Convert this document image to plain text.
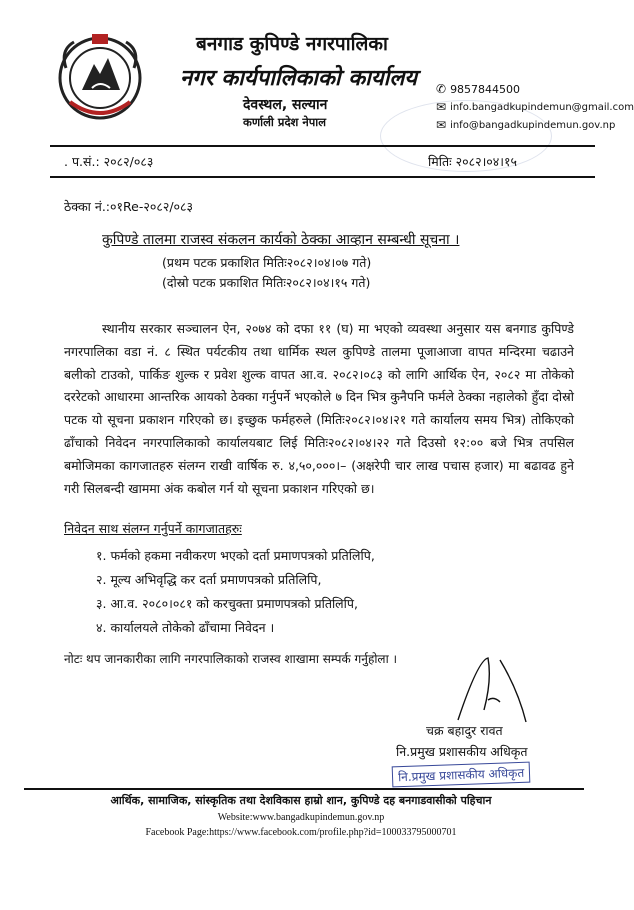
बनगाड कुपिण्डे नगरपालिका
नगर कार्यपालिकाको कार्यालय
देवस्थल, सल्यान
कर्णाली प्रदेश नेपाल
✆ 9857844500
✉ info.bangadkupindemun@gmail.com
✉ info@bangadkupindemun.gov.np
. प.सं.: २०८२/०८३	मितिः २०८२।०४।१५
ठेक्का नं.:०१Re-२०८२/०८३
कुपिण्डे तालमा राजस्व संकलन कार्यको ठेक्का आव्हान सम्बन्धी सूचना ।
(प्रथम पटक प्रकाशित मितिः२०८२।०४।०७ गते)
(दोस्रो पटक प्रकाशित मितिः२०८२।०४।१५ गते)
स्थानीय सरकार सञ्चालन ऐन, २०७४ को दफा ११ (घ) मा भएको व्यवस्था अनुसार यस बनगाड कुपिण्डे नगरपालिका वडा नं. ८ स्थित पर्यटकीय तथा धार्मिक स्थल कुपिण्डे तालमा पूजाआजा वापत मन्दिरमा चढाउने बलीको टाउको, पार्किङ शुल्क र प्रवेश शुल्क वापत आ.व. २०८२।०८३ को लागि आर्थिक ऐन, २०८२ मा तोकेको दररेटको आधारमा आन्तरिक आयको ठेक्का गर्नुपर्ने भएकोले ७ दिन भित्र कुनैपनि फर्मले ठेक्का नहालेको हुँदा दोस्रो पटक यो सूचना प्रकाशन गरिएको छ। इच्छुक फर्महरुले (मितिः२०८२।०४।२१ गते कार्यालय समय भित्र) तोकिएको ढाँचाको निवेदन नगरपालिकाको कार्यालयबाट लिई मितिः२०८२।०४।२२ गते दिउसो १२:०० बजे भित्र तपसिल बमोजिमका कागजातहरु संलग्न राखी वार्षिक रु. ४,५०,०००।– (अक्षरेपी चार लाख पचास हजार) मा बढावढ हुने गरी सिलबन्दी खाममा अंक कबोल गर्न यो सूचना प्रकाशन गरिएको छ।
निवेदन साथ संलग्न गर्नुपर्ने कागजातहरुः
१. फर्मको हकमा नवीकरण भएको दर्ता प्रमाणपत्रको प्रतिलिपि,
२. मूल्य अभिवृद्धि कर दर्ता प्रमाणपत्रको प्रतिलिपि,
३. आ.व. २०८०।०८१ को करचुक्ता प्रमाणपत्रको प्रतिलिपि,
४. कार्यालयले तोकेको ढाँचामा निवेदन ।
नोटः थप जानकारीका लागि नगरपालिकाको राजस्व शाखामा सम्पर्क गर्नुहोला ।
चक्र बहादुर रावत
नि.प्रमुख प्रशासकीय अधिकृत
नि.प्रमुख प्रशासकीय अधिकृत
आर्थिक, सामाजिक, सांस्कृतिक तथा देशविकास हाम्रो शान, कुपिण्डे दह बनगाडवासीको पहिचान
Website:www.bangadkupindemun.gov.np
Facebook Page:https://www.facebook.com/profile.php?id=100033795000701
